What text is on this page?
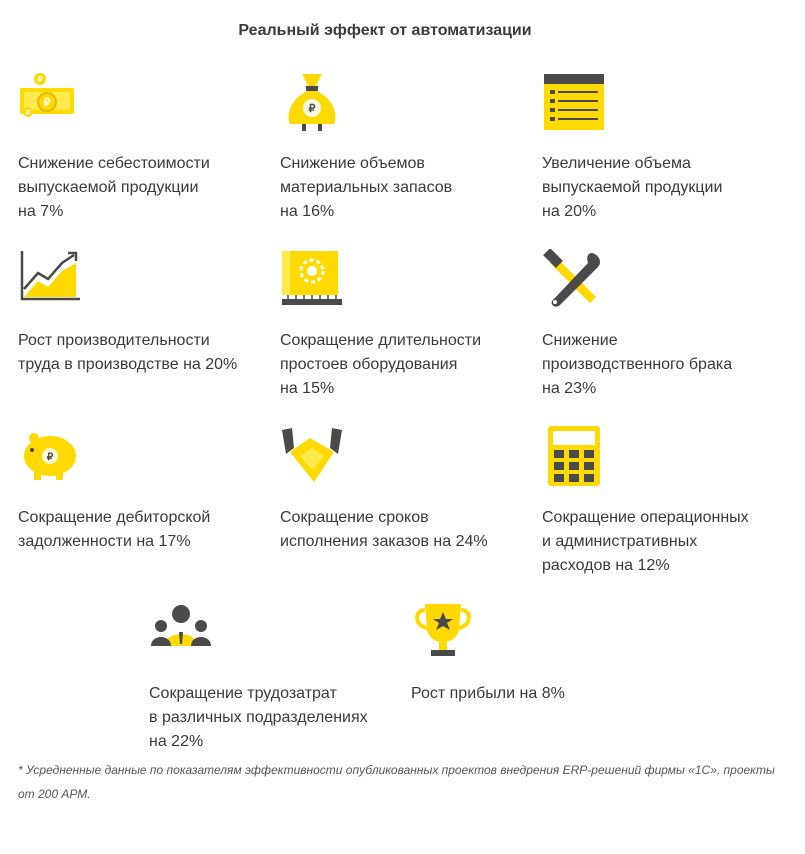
Реальный эффект от автоматизации
₽
₽
₽
Снижение себестоимости
выпускаемой продукции
на 7%
₽
Снижение объемов
материальных запасов
на 16%
Увеличение объема
выпускаемой продукции
на 20%
Рост производительности
труда в производстве на 20%
Сокращение длительности
простоев оборудования
на 15%
Снижение
производственного брака
на 23%
₽
Сокращение дебиторской
задолженности на 17%
Сокращение сроков
исполнения заказов на 24%
Сокращение операционных
и административных
расходов на 12%
Сокращение трудозатрат
в различных подразделениях
на 22%
Рост прибыли на 8%
* Усредненные данные по показателям эффективности опубликованных проектов внедрения ERP-решений фирмы «1С», проекты от 200 АРМ.
